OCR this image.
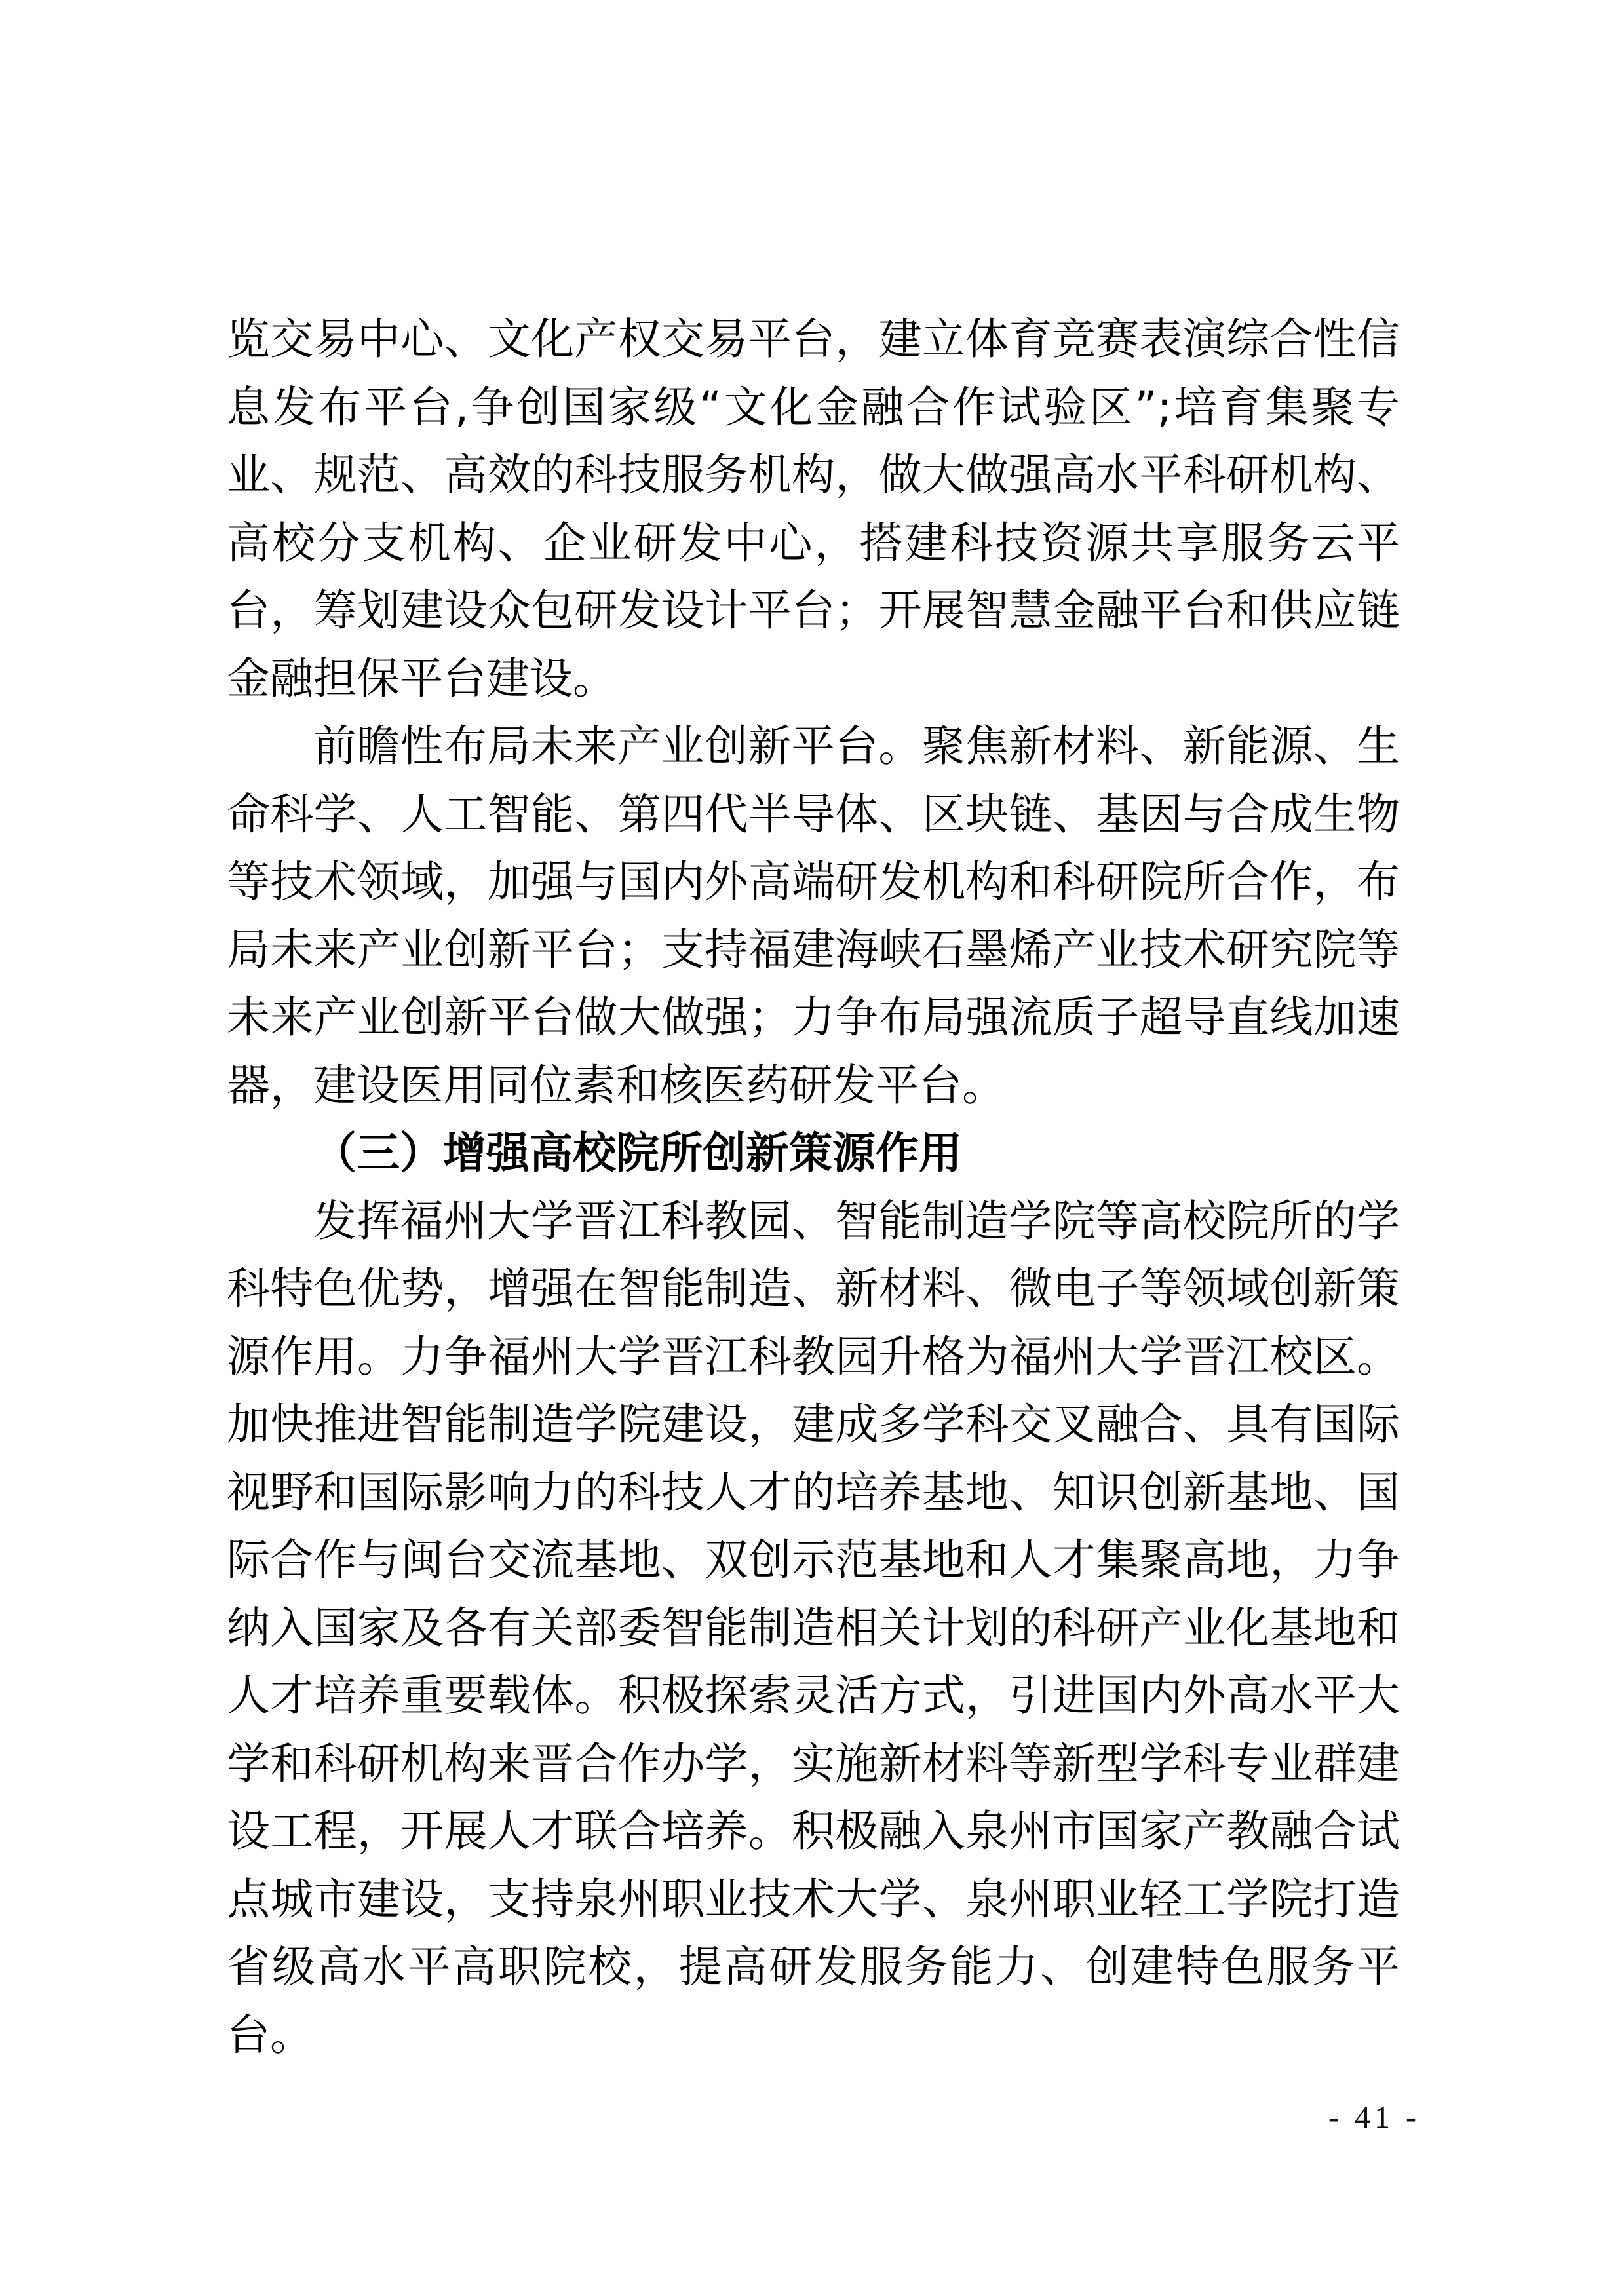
览交易中心、文化产权交易平台，建立体育竞赛表演综合性信息发布平台,争创国家级“文化金融合作试验区”;培育集聚专业、规范、高效的科技服务机构，做大做强高水平科研机构、高校分支机构、企业研发中心，搭建科技资源共享服务云平台，筹划建设众包研发设计平台；开展智慧金融平台和供应链金融担保平台建设。

前瞻性布局未来产业创新平台。聚焦新材料、新能源、生命科学、人工智能、第四代半导体、区块链、基因与合成生物等技术领域，加强与国内外高端研发机构和科研院所合作，布局未来产业创新平台；支持福建海峡石墨烯产业技术研究院等未来产业创新平台做大做强；力争布局强流质子超导直线加速器，建设医用同位素和核医药研发平台。

（三）增强高校院所创新策源作用

发挥福州大学晋江科教园、智能制造学院等高校院所的学科特色优势，增强在智能制造、新材料、微电子等领域创新策源作用。力争福州大学晋江科教园升格为福州大学晋江校区。加快推进智能制造学院建设，建成多学科交叉融合、具有国际视野和国际影响力的科技人才的培养基地、知识创新基地、国际合作与闽台交流基地、双创示范基地和人才集聚高地，力争纳入国家及各有关部委智能制造相关计划的科研产业化基地和人才培养重要载体。积极探索灵活方式，引进国内外高水平大学和科研机构来晋合作办学，实施新材料等新型学科专业群建设工程，开展人才联合培养。积极融入泉州市国家产教融合试点城市建设，支持泉州职业技术大学、泉州职业轻工学院打造省级高水平高职院校，提高研发服务能力、创建特色服务平台。

- 41 -
